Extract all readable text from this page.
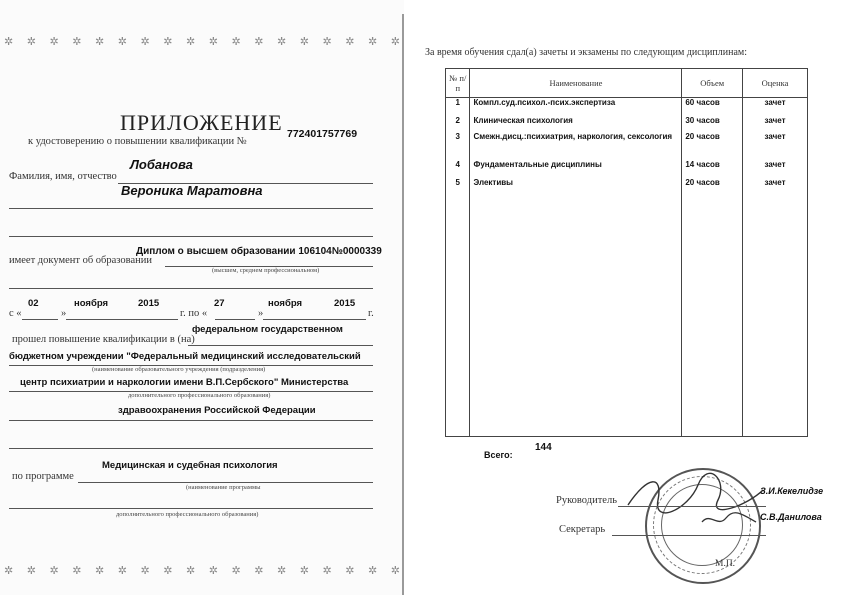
✲ ✲ ✲ ✲ ✲ ✲ ✲ ✲ ✲ ✲ ✲ ✲ ✲ ✲ ✲ ✲ ✲ ✲
✲ ✲ ✲ ✲ ✲ ✲ ✲ ✲ ✲ ✲ ✲ ✲ ✲ ✲ ✲ ✲ ✲ ✲
ПРИЛОЖЕНИЕ
к удостоверению о повышении квалификации №
772401757769
Лобанова
Фамилия, имя, отчество
Вероника Маратовна
Диплом о высшем образовании 106104№0000339
имеет документ об образовании
(высшем, среднем профессиональном)
02	ноября	2015	27	ноября	2015
с «	»	г. по «	»	г.
федеральном государственном
прошел повышение квалификации в (на)
бюджетном учреждении "Федеральный медицинский исследовательский
(наименование образовательного учреждения (подразделения)
центр психиатрии и наркологии имени В.П.Сербского" Министерства
дополнительного профессионального образования)
здравоохранения Российской Федерации
Медицинская и судебная психология
по программе
(наименование программы
дополнительного профессионального образования)
За время обучения сдал(а) зачеты и экзамены по следующим дисциплинам:
№ п/п	Наименование	Объем	Оценка
1	Компл.суд.психол.-псих.экспертиза	60 часов	зачет
2	Клиническая психология	30 часов	зачет
3	Смежн.дисц.:психиатрия, наркология, сексология	20 часов	зачет
4	Фундаментальные дисциплины	14 часов	зачет
5	Элективы	20 часов	зачет

Всего:
144
Руководитель
З.И.Кекелидзе
Секретарь
С.В.Данилова
М.П.
